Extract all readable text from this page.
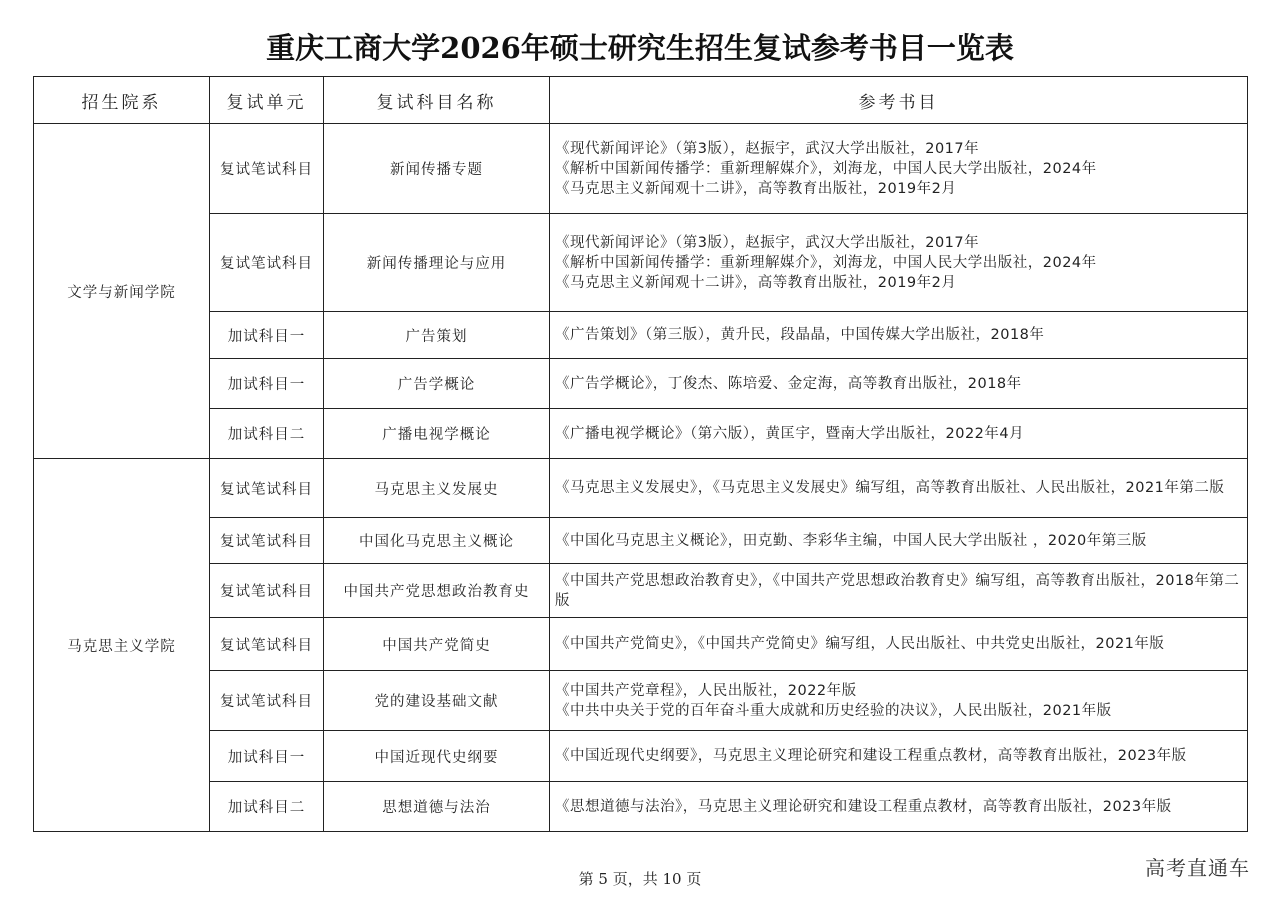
重庆工商大学2026年硕士研究生招生复试参考书目一览表
招生院系	复试单元	复试科目名称	参考书目
文学与新闻学院	复试笔试科目	新闻传播专题	《现代新闻评论》（第3版），赵振宇，武汉大学出版社，2017年
《解析中国新闻传播学：重新理解媒介》，刘海龙，中国人民大学出版社，2024年
《马克思主义新闻观十二讲》，高等教育出版社，2019年2月

	复试笔试科目	新闻传播理论与应用	《现代新闻评论》（第3版），赵振宇，武汉大学出版社，2017年
《解析中国新闻传播学：重新理解媒介》，刘海龙，中国人民大学出版社，2024年
《马克思主义新闻观十二讲》，高等教育出版社，2019年2月

	加试科目一	广告策划	《广告策划》（第三版），黄升民，段晶晶，中国传媒大学出版社，2018年

	加试科目一	广告学概论	《广告学概论》，丁俊杰、陈培爱、金定海，高等教育出版社，2018年

	加试科目二	广播电视学概论	《广播电视学概论》（第六版），黄匡宇，暨南大学出版社，2022年4月

马克思主义学院	复试笔试科目	马克思主义发展史	《马克思主义发展史》，《马克思主义发展史》编写组，高等教育出版社、人民出版社，2021年第二版

	复试笔试科目	中国化马克思主义概论	《中国化马克思主义概论》，田克勤、李彩华主编，中国人民大学出版社 ，2020年第三版

	复试笔试科目	中国共产党思想政治教育史	《中国共产党思想政治教育史》，《中国共产党思想政治教育史》编写组，高等教育出版社，2018年第二版

	复试笔试科目	中国共产党简史	《中国共产党简史》，《中国共产党简史》编写组，人民出版社、中共党史出版社，2021年版

	复试笔试科目	党的建设基础文献	《中国共产党章程》，人民出版社，2022年版
《中共中央关于党的百年奋斗重大成就和历史经验的决议》，人民出版社，2021年版

	加试科目一	中国近现代史纲要	《中国近现代史纲要》，马克思主义理论研究和建设工程重点教材，高等教育出版社，2023年版

	加试科目二	思想道德与法治	《思想道德与法治》，马克思主义理论研究和建设工程重点教材，高等教育出版社，2023年版
第 5 页，共 10 页	高考直通车
